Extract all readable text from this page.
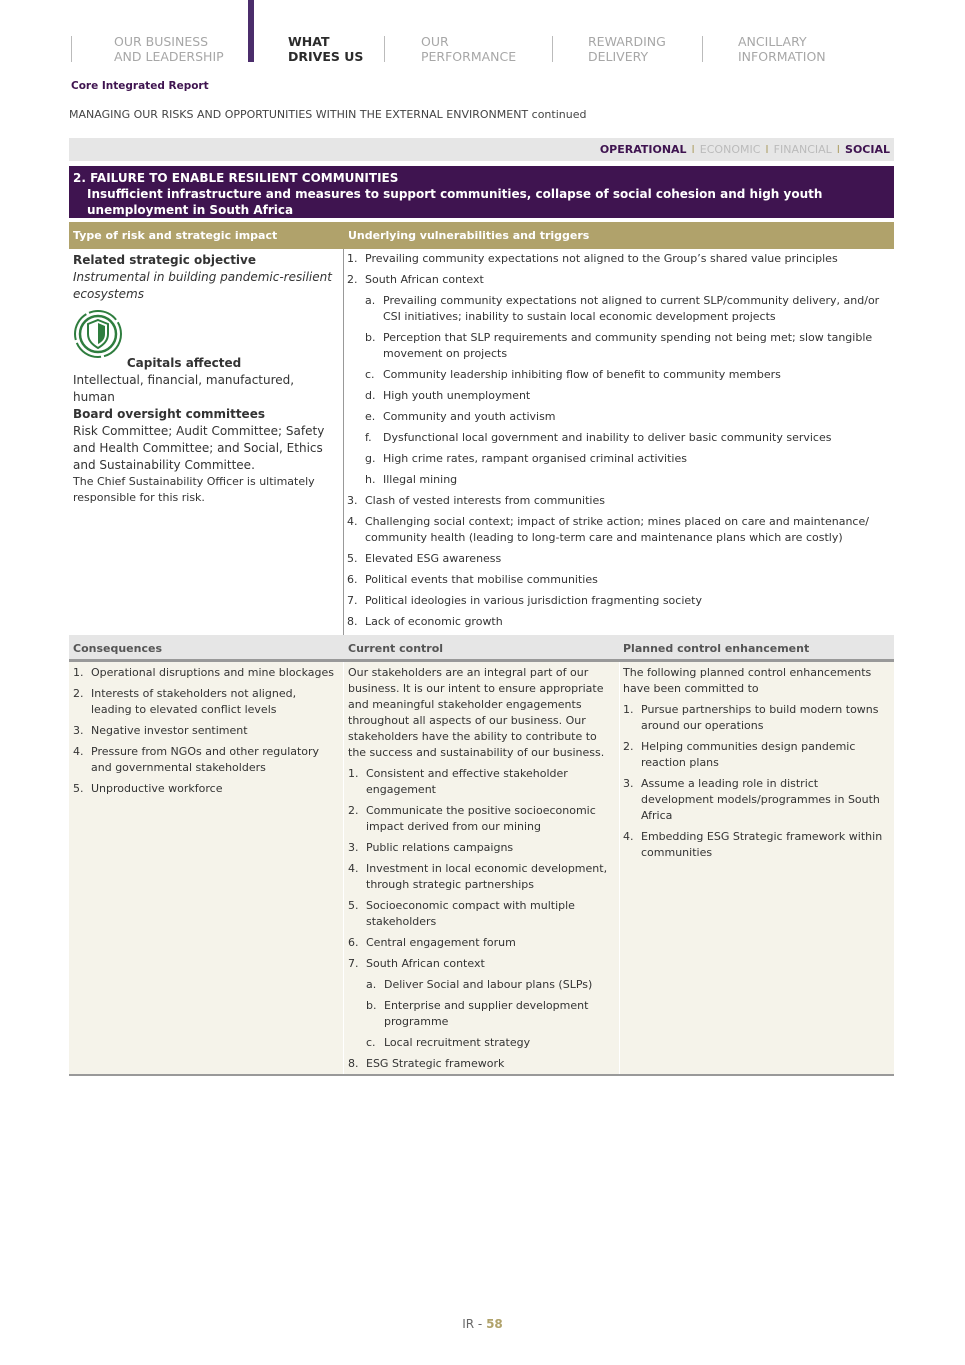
OUR BUSINESS
AND LEADERSHIP
WHAT
DRIVES US
OUR
PERFORMANCE
REWARDING
DELIVERY
ANCILLARY
INFORMATION
Core Integrated Report
MANAGING OUR RISKS AND OPPORTUNITIES WITHIN THE EXTERNAL ENVIRONMENT continued
OPERATIONAL I ECONOMIC I FINANCIAL I SOCIAL
2. FAILURE TO ENABLE RESILIENT COMMUNITIES
Insufficient infrastructure and measures to support communities, collapse of social cohesion and high youth unemployment in South Africa
Type of risk and strategic impact	Underlying vulnerabilities and triggers
Related strategic objective
Instrumental in building pandemic-resilient ecosystems
Capitals affected
Intellectual, financial, manufactured, human
Board oversight committees
Risk Committee; Audit Committee; Safety and Health Committee; and Social, Ethics and Sustainability Committee.
The Chief Sustainability Officer is ultimately responsible for this risk.
1. Prevailing community expectations not aligned to the Group’s shared value principles
2. South African context
a. Prevailing community expectations not aligned to current SLP/community delivery, and/or CSI initiatives; inability to sustain local economic development projects
b. Perception that SLP requirements and community spending not being met; slow tangible movement on projects
c. Community leadership inhibiting flow of benefit to community members
d. High youth unemployment
e. Community and youth activism
f.	Dysfunctional local government and inability to deliver basic community services
g. High crime rates, rampant organised criminal activities
h. Illegal mining
3. Clash of vested interests from communities
4. Challenging social context; impact of strike action; mines placed on care and maintenance/ community health (leading to long-term care and maintenance plans which are costly)
5. Elevated ESG awareness
6. Political events that mobilise communities
7. Political ideologies in various jurisdiction fragmenting society
8. Lack of economic growth
Consequences	Current control	Planned control enhancement
1. Operational disruptions and mine blockages
2. Interests of stakeholders not aligned, leading to elevated conflict levels
3. Negative investor sentiment
4. Pressure from NGOs and other regulatory and governmental stakeholders
5. Unproductive workforce
Our stakeholders are an integral part of our business. It is our intent to ensure appropriate and meaningful stakeholder engagements throughout all aspects of our business. Our stakeholders have the ability to contribute to the success and sustainability of our business.
1. Consistent and effective stakeholder engagement
2. Communicate the positive socioeconomic impact derived from our mining
3. Public relations campaigns
4. Investment in local economic development, through strategic partnerships
5. Socioeconomic compact with multiple stakeholders
6. Central engagement forum
7. South African context
a. Deliver Social and labour plans (SLPs)
b. Enterprise and supplier development programme
c. Local recruitment strategy
8. ESG Strategic framework
The following planned control enhancements have been committed to
1. Pursue partnerships to build modern towns around our operations
2. Helping communities design pandemic reaction plans
3. Assume a leading role in district development models/programmes in South Africa
4. Embedding ESG Strategic framework within communities
IR - 58
